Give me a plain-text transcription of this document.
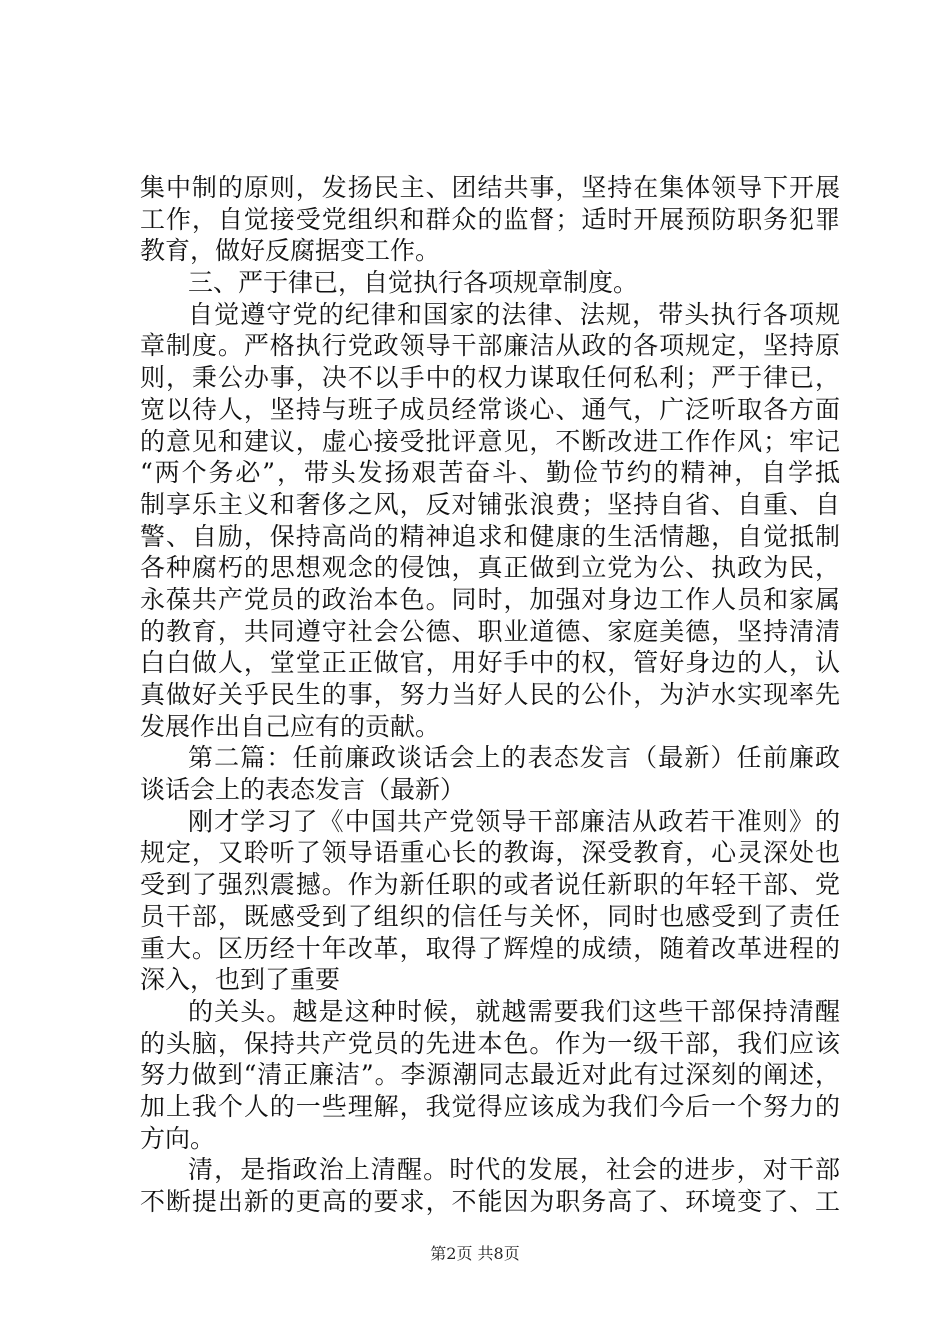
集中制的原则，发扬民主、团结共事，坚持在集体领导下开展
工作，自觉接受党组织和群众的监督；适时开展预防职务犯罪
教育，做好反腐据变工作。
三、严于律已，自觉执行各项规章制度。
自觉遵守党的纪律和国家的法律、法规，带头执行各项规
章制度。严格执行党政领导干部廉洁从政的各项规定，坚持原
则，秉公办事，决不以手中的权力谋取任何私利；严于律已，
宽以待人，坚持与班子成员经常谈心、通气，广泛听取各方面
的意见和建议，虚心接受批评意见，不断改进工作作风；牢记
“两个务必”，带头发扬艰苦奋斗、勤俭节约的精神，自学抵
制享乐主义和奢侈之风，反对铺张浪费；坚持自省、自重、自
警、自励，保持高尚的精神追求和健康的生活情趣，自觉抵制
各种腐朽的思想观念的侵蚀，真正做到立党为公、执政为民，
永葆共产党员的政治本色。同时，加强对身边工作人员和家属
的教育，共同遵守社会公德、职业道德、家庭美德，坚持清清
白白做人，堂堂正正做官，用好手中的权，管好身边的人，认
真做好关乎民生的事，努力当好人民的公仆，为泸水实现率先
发展作出自己应有的贡献。
第二篇：任前廉政谈话会上的表态发言（最新）任前廉政
谈话会上的表态发言（最新）
刚才学习了《中国共产党领导干部廉洁从政若干准则》的
规定，又聆听了领导语重心长的教诲，深受教育，心灵深处也
受到了强烈震撼。作为新任职的或者说任新职的年轻干部、党
员干部，既感受到了组织的信任与关怀，同时也感受到了责任
重大。区历经十年改革，取得了辉煌的成绩，随着改革进程的
深入，也到了重要
的关头。越是这种时候，就越需要我们这些干部保持清醒
的头脑，保持共产党员的先进本色。作为一级干部，我们应该
努力做到“清正廉洁”。李源潮同志最近对此有过深刻的阐述，
加上我个人的一些理解，我觉得应该成为我们今后一个努力的
方向。
清，是指政治上清醒。时代的发展，社会的进步，对干部
不断提出新的更高的要求，不能因为职务高了、环境变了、工
第2页 共8页
